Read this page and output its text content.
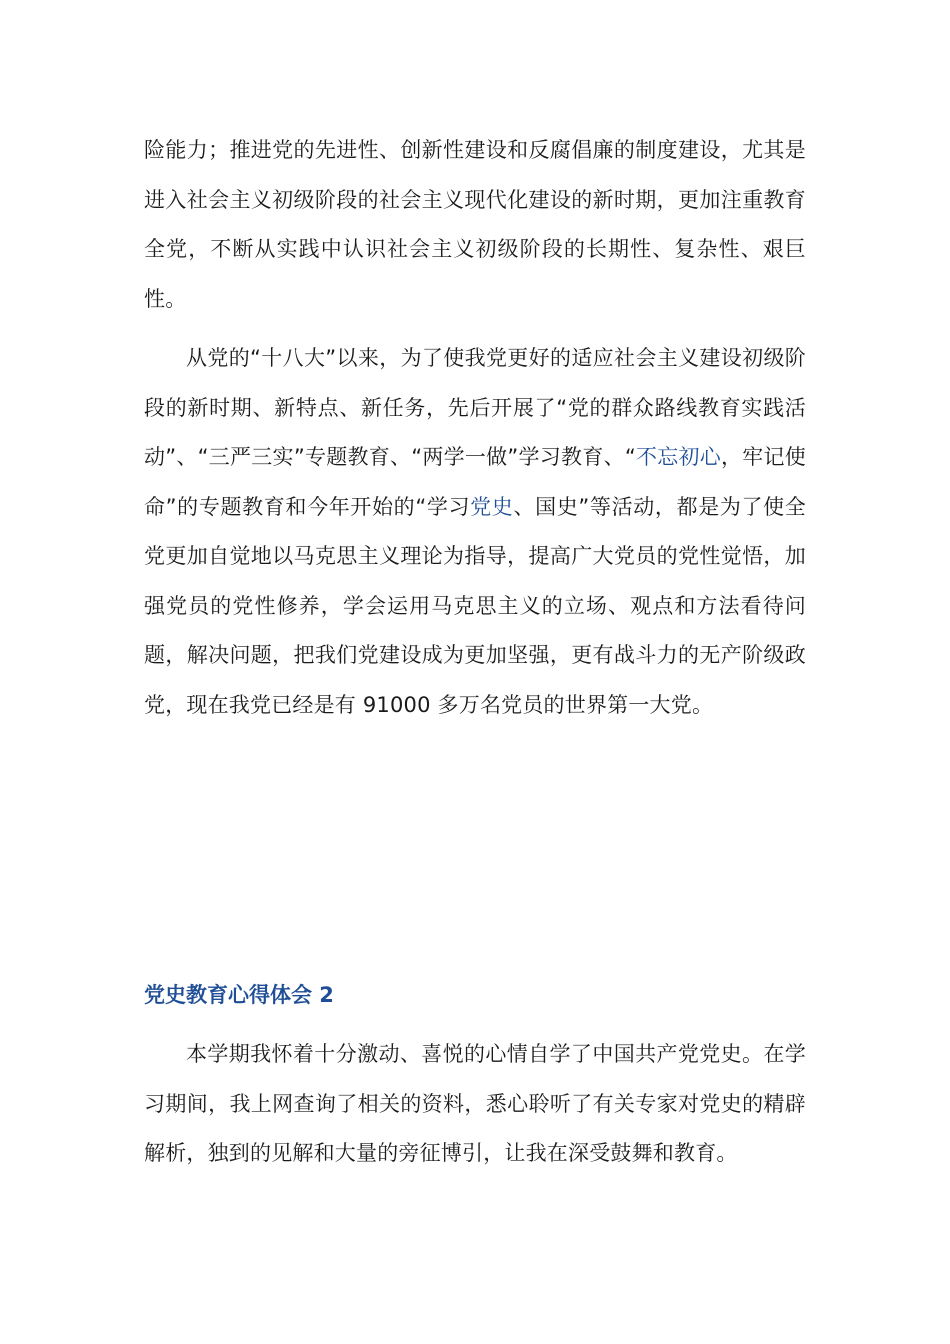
险能力；推进党的先进性、创新性建设和反腐倡廉的制度建设，尤其是进入社会主义初级阶段的社会主义现代化建设的新时期，更加注重教育全党，不断从实践中认识社会主义初级阶段的长期性、复杂性、艰巨性。

从党的“十八大”以来，为了使我党更好的适应社会主义建设初级阶段的新时期、新特点、新任务，先后开展了“党的群众路线教育实践活动”、“三严三实”专题教育、“两学一做”学习教育、“不忘初心，牢记使命”的专题教育和今年开始的“学习党史、国史”等活动，都是为了使全党更加自觉地以马克思主义理论为指导，提高广大党员的党性觉悟，加强党员的党性修养，学会运用马克思主义的立场、观点和方法看待问题，解决问题，把我们党建设成为更加坚强，更有战斗力的无产阶级政党，现在我党已经是有 91000 多万名党员的世界第一大党。

党史教育心得体会 2

本学期我怀着十分激动、喜悦的心情自学了中国共产党党史。在学习期间，我上网查询了相关的资料，悉心聆听了有关专家对党史的精辟解析，独到的见解和大量的旁征博引，让我在深受鼓舞和教育。
